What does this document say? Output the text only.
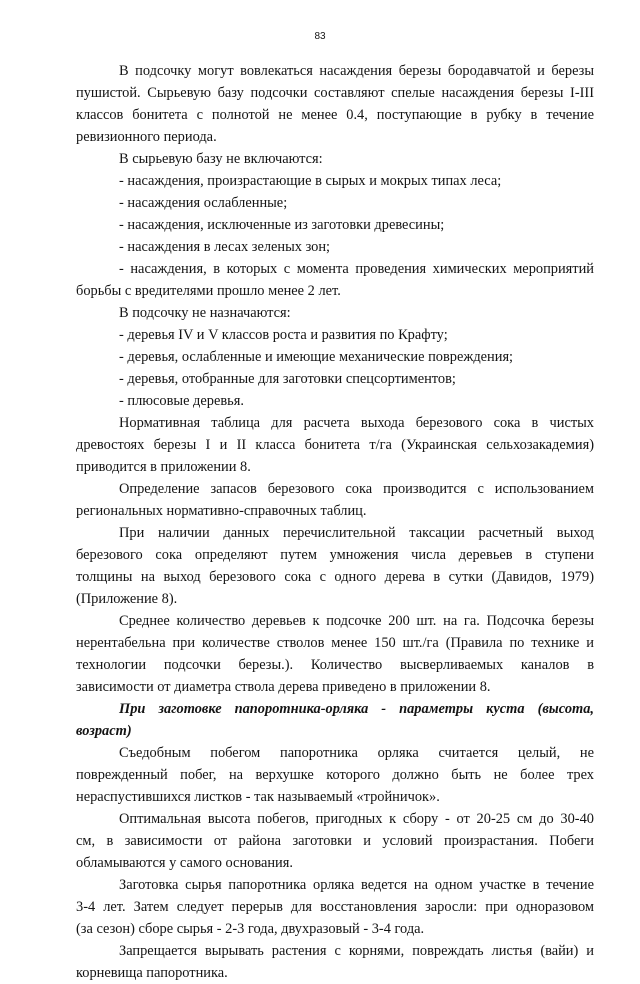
83
В подсочку могут вовлекаться насаждения березы бородавчатой и березы
пушистой. Сырьевую базу подсочки составляют спелые насаждения березы I-III
классов бонитета с полнотой не менее 0.4, поступающие в рубку в течение
ревизионного периода.
В сырьевую базу не включаются:
- насаждения, произрастающие в сырых и мокрых типах леса;
- насаждения ослабленные;
- насаждения, исключенные из заготовки древесины;
- насаждения в лесах зеленых зон;
- насаждения, в которых с момента проведения химических мероприятий
борьбы с вредителями прошло менее 2 лет.
В подсочку не назначаются:
- деревья IV и V классов роста и развития по Крафту;
- деревья, ослабленные и имеющие механические повреждения;
- деревья, отобранные для заготовки спецсортиментов;
- плюсовые деревья.
Нормативная таблица для расчета выхода березового сока в чистых
древостоях березы I и II класса бонитета т/га (Украинская сельхозакадемия)
приводится в приложении 8.
Определение запасов березового сока производится с использованием
региональных нормативно-справочных таблиц.
При наличии данных перечислительной таксации расчетный выход
березового сока определяют путем умножения числа деревьев в ступени
толщины на выход березового сока с одного дерева в сутки (Давидов, 1979)
(Приложение 8).
Среднее количество деревьев к подсочке 200 шт. на га. Подсочка березы
нерентабельна при количестве стволов менее 150 шт./га (Правила по технике и
технологии подсочки березы.). Количество высверливаемых каналов в
зависимости от диаметра ствола дерева приведено в приложении 8.
При заготовке папоротника-орляка - параметры куста (высота,
возраст)
Съедобным побегом папоротника орляка считается целый, не
поврежденный побег, на верхушке которого должно быть не более трех
нераспустившихся листков - так называемый «тройничок».
Оптимальная высота побегов, пригодных к сбору - от 20-25 см до 30-40
см, в зависимости от района заготовки и условий произрастания. Побеги
обламываются у самого основания.
Заготовка сырья папоротника орляка ведется на одном участке в течение
3-4 лет. Затем следует перерыв для восстановления заросли: при одноразовом
(за сезон) сборе сырья - 2-3 года, двухразовый - 3-4 года.
Запрещается вырывать растения с корнями, повреждать листья (вайи) и
корневища папоротника.
